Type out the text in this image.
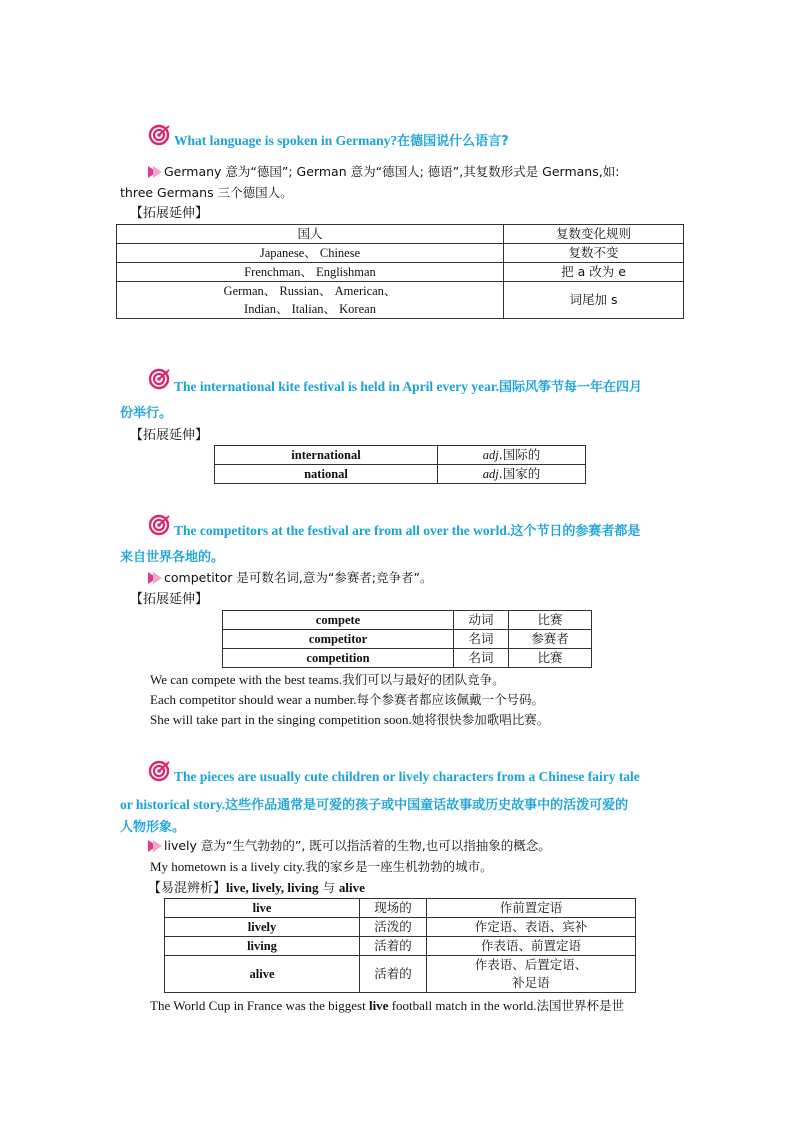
What language is spoken in Germany?在德国说什么语言?
Germany 意为“德国”; German 意为“德国人; 德语”,其复数形式是 Germans,如:
three Germans 三个德国人。
【拓展延伸】
国人	复数变化规则
Japanese、 Chinese	复数不变
Frenchman、 Englishman	把 a 改为 e

German、 Russian、 American、
Indian、 Italian、 Korean	词尾加 s
The international kite festival is held in April every year.国际风筝节每一年在四月
份举行。
【拓展延伸】
international	adj.国际的
national	adj.国家的
The competitors at the festival are from all over the world.这个节日的参赛者都是
来自世界各地的。
competitor 是可数名词,意为“参赛者;竞争者”。
【拓展延伸】
compete	动词	比赛
competitor	名词	参赛者
competition	名词	比赛
We can compete with the best teams.我们可以与最好的团队竞争。
Each competitor should wear a number.每个参赛者都应该佩戴一个号码。
She will take part in the singing competition soon.她将很快参加歌唱比赛。
The pieces are usually cute children or lively characters from a Chinese fairy tale
or historical story.这些作品通常是可爱的孩子或中国童话故事或历史故事中的活泼可爱的
人物形象。
lively 意为“生气勃勃的”, 既可以指活着的生物,也可以指抽象的概念。
My hometown is a lively city.我的家乡是一座生机勃勃的城市。
【易混辨析】live, lively, living 与 alive
live	现场的	作前置定语
lively	活泼的	作定语、表语、宾补
living	活着的	作表语、前置定语
alive	活着的	作表语、后置定语、
补足语
The World Cup in France was the biggest live football match in the world.法国世界杯是世
